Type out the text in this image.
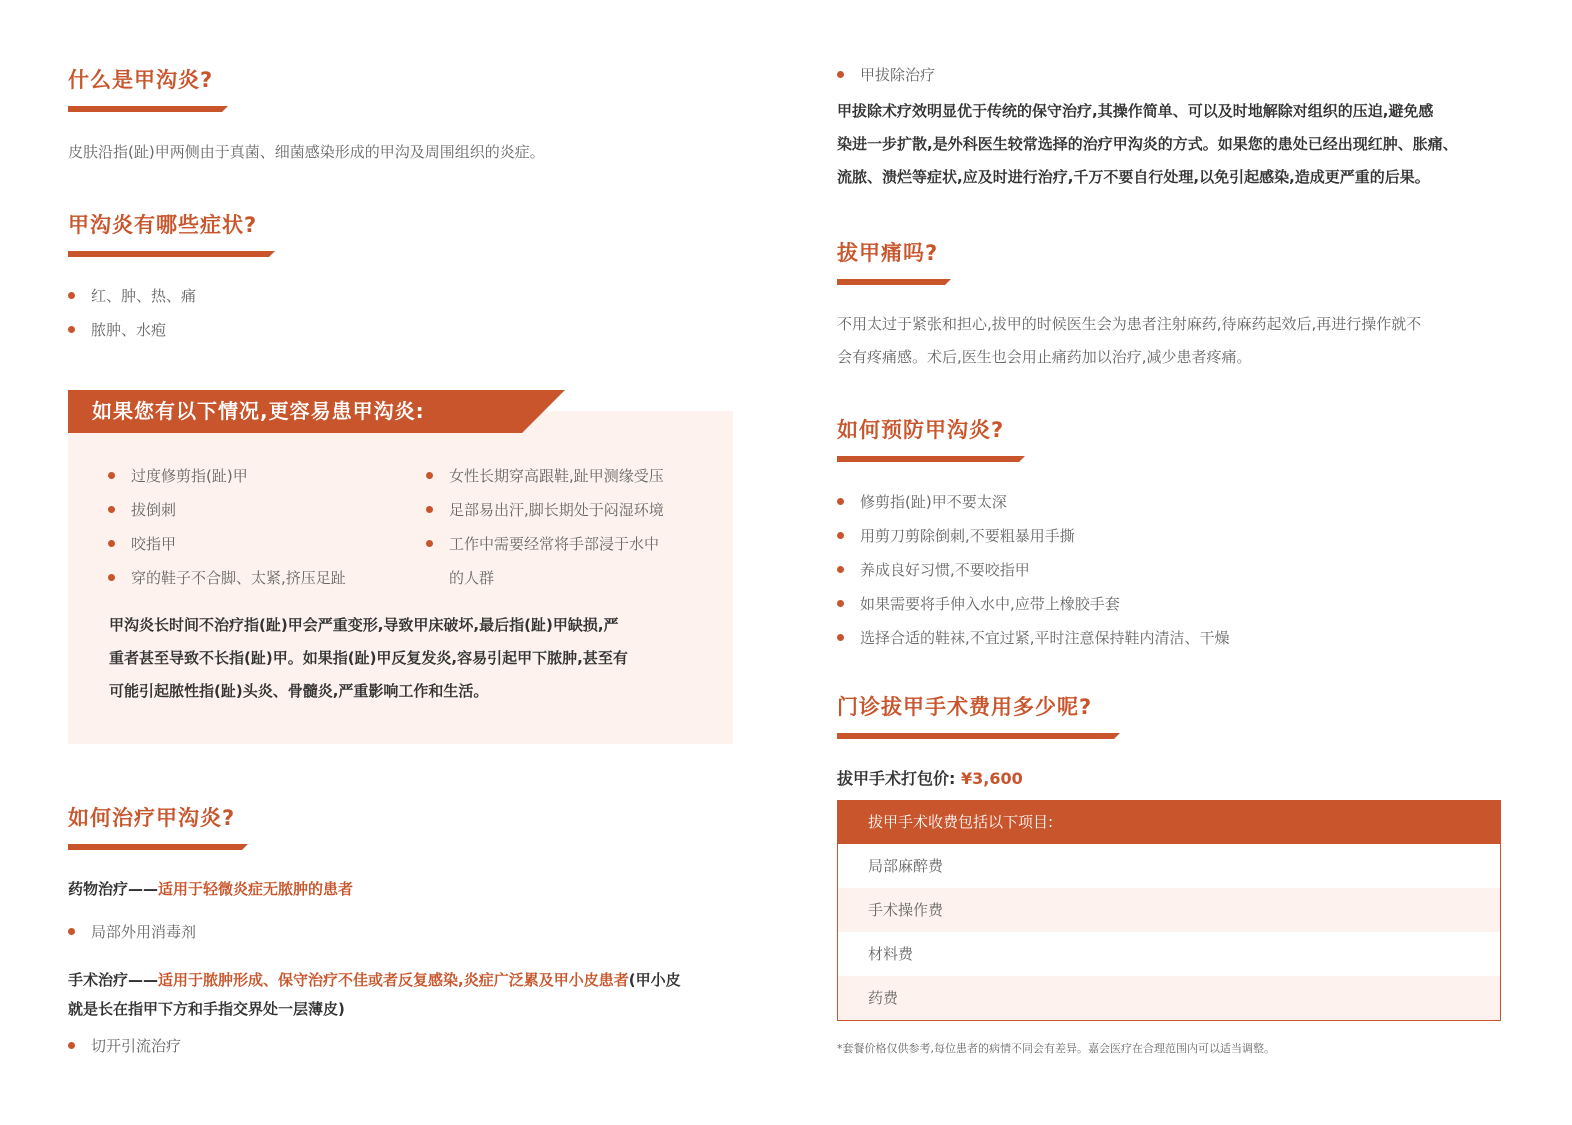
什么是甲沟炎?

皮肤沿指(趾)甲两侧由于真菌、细菌感染形成的甲沟及周围组织的炎症。

甲沟炎有哪些症状?
红、肿、热、痛
脓肿、水疱
如果您有以下情况,更容易患甲沟炎:
过度修剪指(趾)甲
拔倒刺
咬指甲
穿的鞋子不合脚、太紧,挤压足趾
女性长期穿高跟鞋,趾甲测缘受压
足部易出汗,脚长期处于闷湿环境
工作中需要经常将手部浸于水中
的人群

甲沟炎长时间不治疗指(趾)甲会严重变形,导致甲床破坏,最后指(趾)甲缺损,严

重者甚至导致不长指(趾)甲。如果指(趾)甲反复发炎,容易引起甲下脓肿,甚至有

可能引起脓性指(趾)头炎、骨髓炎,严重影响工作和生活。

如何治疗甲沟炎?

药物治疗——适用于轻微炎症无脓肿的患者

局部外用消毒剂

手术治疗——适用于脓肿形成、保守治疗不佳或者反复感染,炎症广泛累及甲小皮患者(甲小皮

就是长在指甲下方和手指交界处一层薄皮)

切开引流治疗
甲拔除治疗

甲拔除术疗效明显优于传统的保守治疗,其操作简单、可以及时地解除对组织的压迫,避免感

染进一步扩散,是外科医生较常选择的治疗甲沟炎的方式。如果您的患处已经出现红肿、胀痛、

流脓、溃烂等症状,应及时进行治疗,千万不要自行处理,以免引起感染,造成更严重的后果。

拔甲痛吗?

不用太过于紧张和担心,拔甲的时候医生会为患者注射麻药,待麻药起效后,再进行操作就不

会有疼痛感。术后,医生也会用止痛药加以治疗,减少患者疼痛。

如何预防甲沟炎?
修剪指(趾)甲不要太深
用剪刀剪除倒刺,不要粗暴用手撕
养成良好习惯,不要咬指甲
如果需要将手伸入水中,应带上橡胶手套
选择合适的鞋袜,不宜过紧,平时注意保持鞋内清洁、干燥
门诊拔甲手术费用多少呢?
拔甲手术打包价: ¥3,600
拔甲手术收费包括以下项目:
局部麻醉费
手术操作费
材料费
药费
*套餐价格仅供参考,每位患者的病情不同会有差异。嘉会医疗在合理范围内可以适当调整。
